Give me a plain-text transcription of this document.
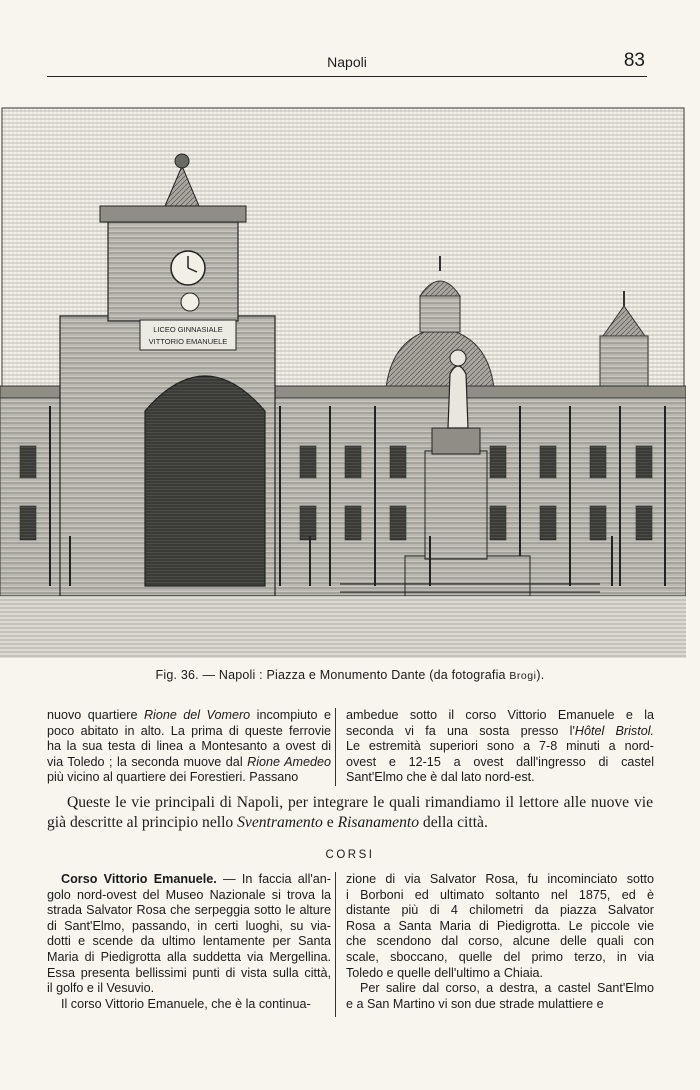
Napoli	83
LICEO GINNASIALE
VITTORIO EMANUELE
Fig. 36. — Napoli : Piazza e Monumento Dante (da fotografia Brogi).
nuovo quartiere Rione del Vomero incompiuto e
poco abitato in alto. La prima di queste ferrovie
ha la sua testa di linea a Montesanto a ovest di
via Toledo ; la seconda muove dal Rione Amedeo
più vicino al quartiere dei Forestieri. Passano
ambedue sotto il corso Vittorio Emanuele e la
seconda vi fa una sosta presso l'Hôtel Bristol.
Le estremità superiori sono a 7-8 minuti a nord-
ovest e 12-15 a ovest dall'ingresso di castel
Sant'Elmo che è dal lato nord-est.
Queste le vie principali di Napoli, per integrare le quali rimandiamo il lettore alle nuove vie già descritte al principio nello Sventramento e Risanamento della città.
CORSI
Corso Vittorio Emanuele. — In faccia all'an-
golo nord-ovest del Museo Nazionale si trova la
strada Salvator Rosa che serpeggia sotto le alture
di Sant'Elmo, passando, in certi luoghi, su via-
dotti e scende da ultimo lentamente per Santa
Maria di Piedigrotta alla suddetta via Mergellina.
Essa presenta bellissimi punti di vista sulla città,
il golfo e il Vesuvio.
Il corso Vittorio Emanuele, che è la continua-
zione di via Salvator Rosa, fu incominciato sotto
i Borboni ed ultimato soltanto nel 1875, ed è
distante più di 4 chilometri da piazza Salvator
Rosa a Santa Maria di Piedigrotta. Le piccole vie
che scendono dal corso, alcune delle quali con
scale, sboccano, quelle del primo terzo, in via
Toledo e quelle dell'ultimo a Chiaia.
Per salire dal corso, a destra, a castel Sant'Elmo
e a San Martino vi son due strade mulattiere e
